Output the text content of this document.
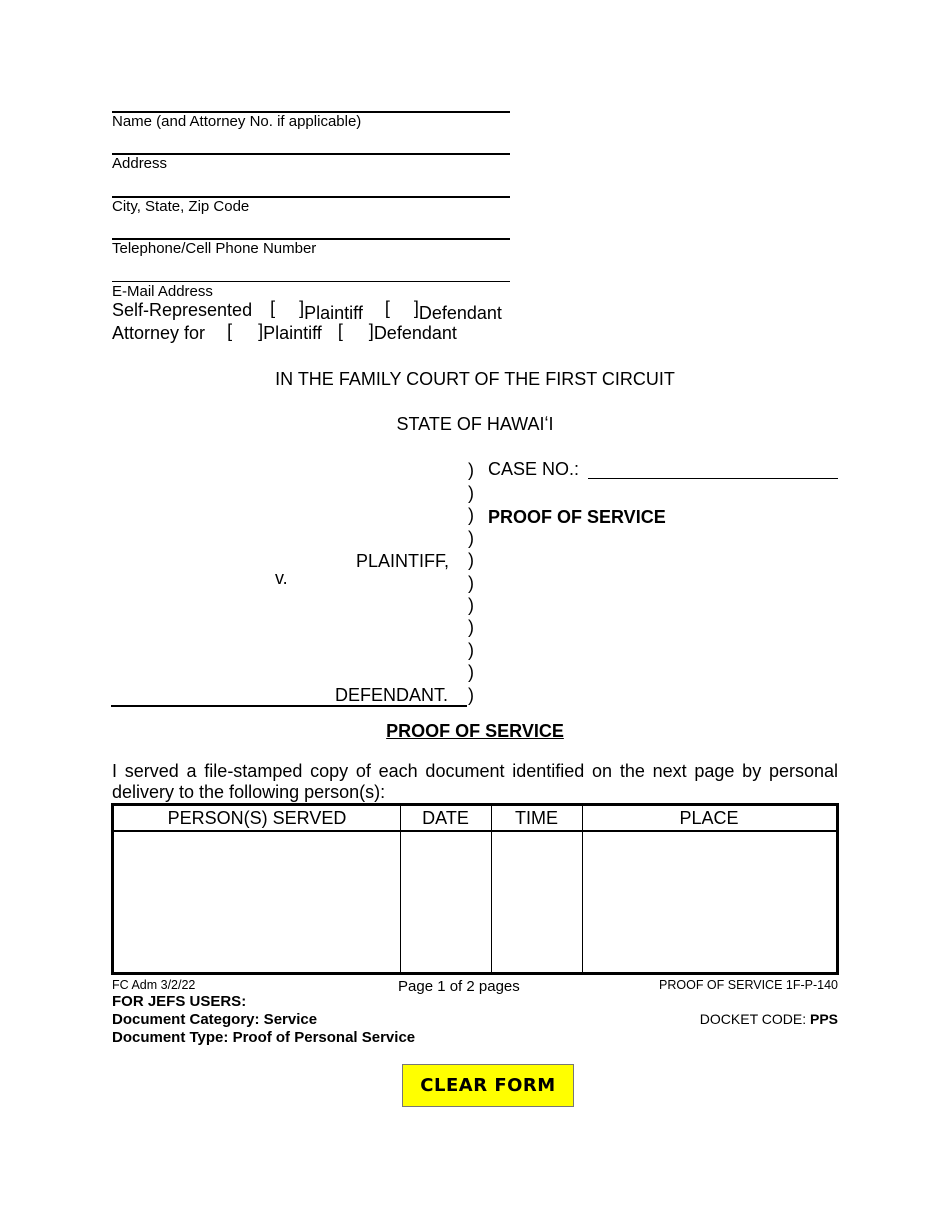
Name (and Attorney No. if applicable)
Address
City, State, Zip Code
Telephone/Cell Phone Number
E-Mail Address
Self-Represented [ ]	Plaintiff [ ]	Defendant
Attorney for [ ]	Plaintiff [ ]	Defendant
IN THE FAMILY COURT OF THE FIRST CIRCUIT
STATE OF HAWAIʻI
)
)
)
)
)
)
)
)
)
)
)
CASE NO.:
PROOF OF SERVICE
PLAINTIFF,
v.
DEFENDANT.
PROOF OF SERVICE
I served a file-stamped copy of each document identified on the next page by personal
delivery to the following person(s):
PERSON(S) SERVED	DATE	TIME	PLACE
FC Adm 3/2/22	Page 1 of 2 pages	PROOF OF SERVICE 1F-P-140
FOR JEFS USERS:
Document Category: Service
Document Type: Proof of Personal Service
DOCKET CODE: PPS
CLEAR FORM
